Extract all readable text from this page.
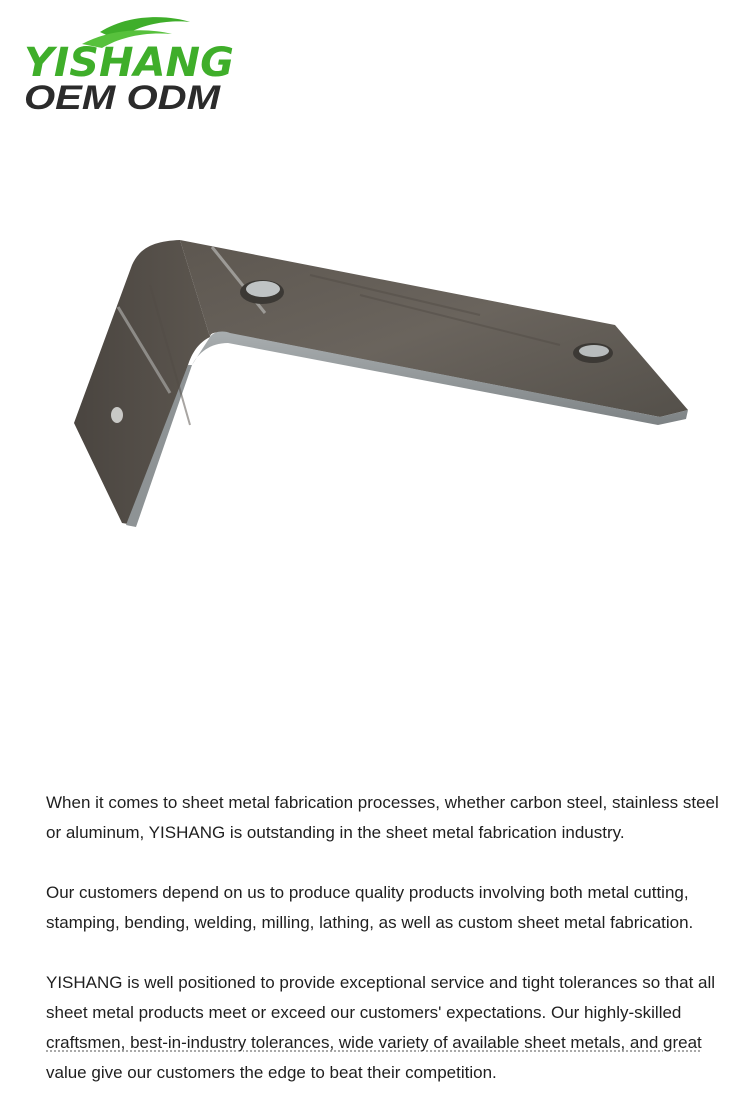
YISHANG
OEM ODM

When it comes to sheet metal fabrication processes, whether carbon steel, stainless steel
or aluminum, YISHANG is outstanding in the sheet metal fabrication industry.

Our customers depend on us to produce quality products involving both metal cutting,
stamping, bending, welding, milling, lathing, as well as custom sheet metal fabrication.

YISHANG is well positioned to provide exceptional service and tight tolerances so that all
sheet metal products meet or exceed our customers' expectations. Our highly-skilled
craftsmen, best-in-industry tolerances, wide variety of available sheet metals, and great
value give our customers the edge to beat their competition.
